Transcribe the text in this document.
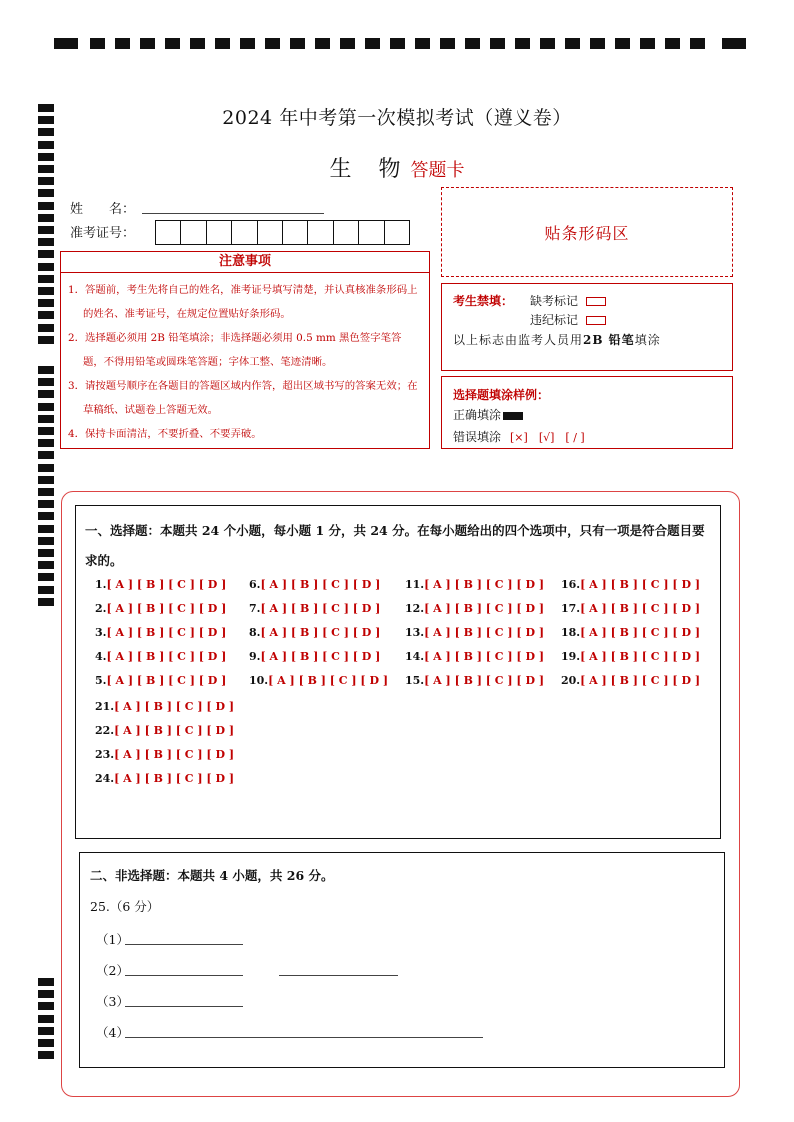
2024 年中考第一次模拟考试（遵义卷）
生 物答题卡
姓　　名：
准考证号：	贴条形码区
注意事项

1．答题前，考生先将自己的姓名，准考证号填写清楚，并认真核准条形码上的姓名、准考证号，在规定位置贴好条形码。

2．选择题必须用 2B 铅笔填涂；非选择题必须用 0.5 mm 黑色签字笔答题，不得用铅笔或圆珠笔答题；字体工整、笔迹清晰。

3．请按题号顺序在各题目的答题区域内作答，超出区域书写的答案无效；在草稿纸、试题卷上答题无效。

4．保持卡面清洁，不要折叠、不要弄破。

考生禁填： 缺考标记
违纪标记
以上标志由监考人员用2B 铅笔填涂
选择题填涂样例：
正确填涂
错误填涂 [×]　[√]　[ / ]
一、选择题：本题共 24 个小题，每小题 1 分，共 24 分。在每小题给出的四个选项中，只有一项是符合题目要求的。
1.[ A ] [ B ] [ C ] [ D ]
2.[ A ] [ B ] [ C ] [ D ]
3.[ A ] [ B ] [ C ] [ D ]
4.[ A ] [ B ] [ C ] [ D ]
5.[ A ] [ B ] [ C ] [ D ]
6.[ A ] [ B ] [ C ] [ D ]
7.[ A ] [ B ] [ C ] [ D ]
8.[ A ] [ B ] [ C ] [ D ]
9.[ A ] [ B ] [ C ] [ D ]
10.[ A ] [ B ] [ C ] [ D ]
11.[ A ] [ B ] [ C ] [ D ]
12.[ A ] [ B ] [ C ] [ D ]
13.[ A ] [ B ] [ C ] [ D ]
14.[ A ] [ B ] [ C ] [ D ]
15.[ A ] [ B ] [ C ] [ D ]
16.[ A ] [ B ] [ C ] [ D ]
17.[ A ] [ B ] [ C ] [ D ]
18.[ A ] [ B ] [ C ] [ D ]
19.[ A ] [ B ] [ C ] [ D ]
20.[ A ] [ B ] [ C ] [ D ]
21.[ A ] [ B ] [ C ] [ D ]
22.[ A ] [ B ] [ C ] [ D ]
23.[ A ] [ B ] [ C ] [ D ]
24.[ A ] [ B ] [ C ] [ D ]
二、非选择题：本题共 4 小题，共 26 分。
25.（6 分）
（1）
（2）
（3）
（4）
